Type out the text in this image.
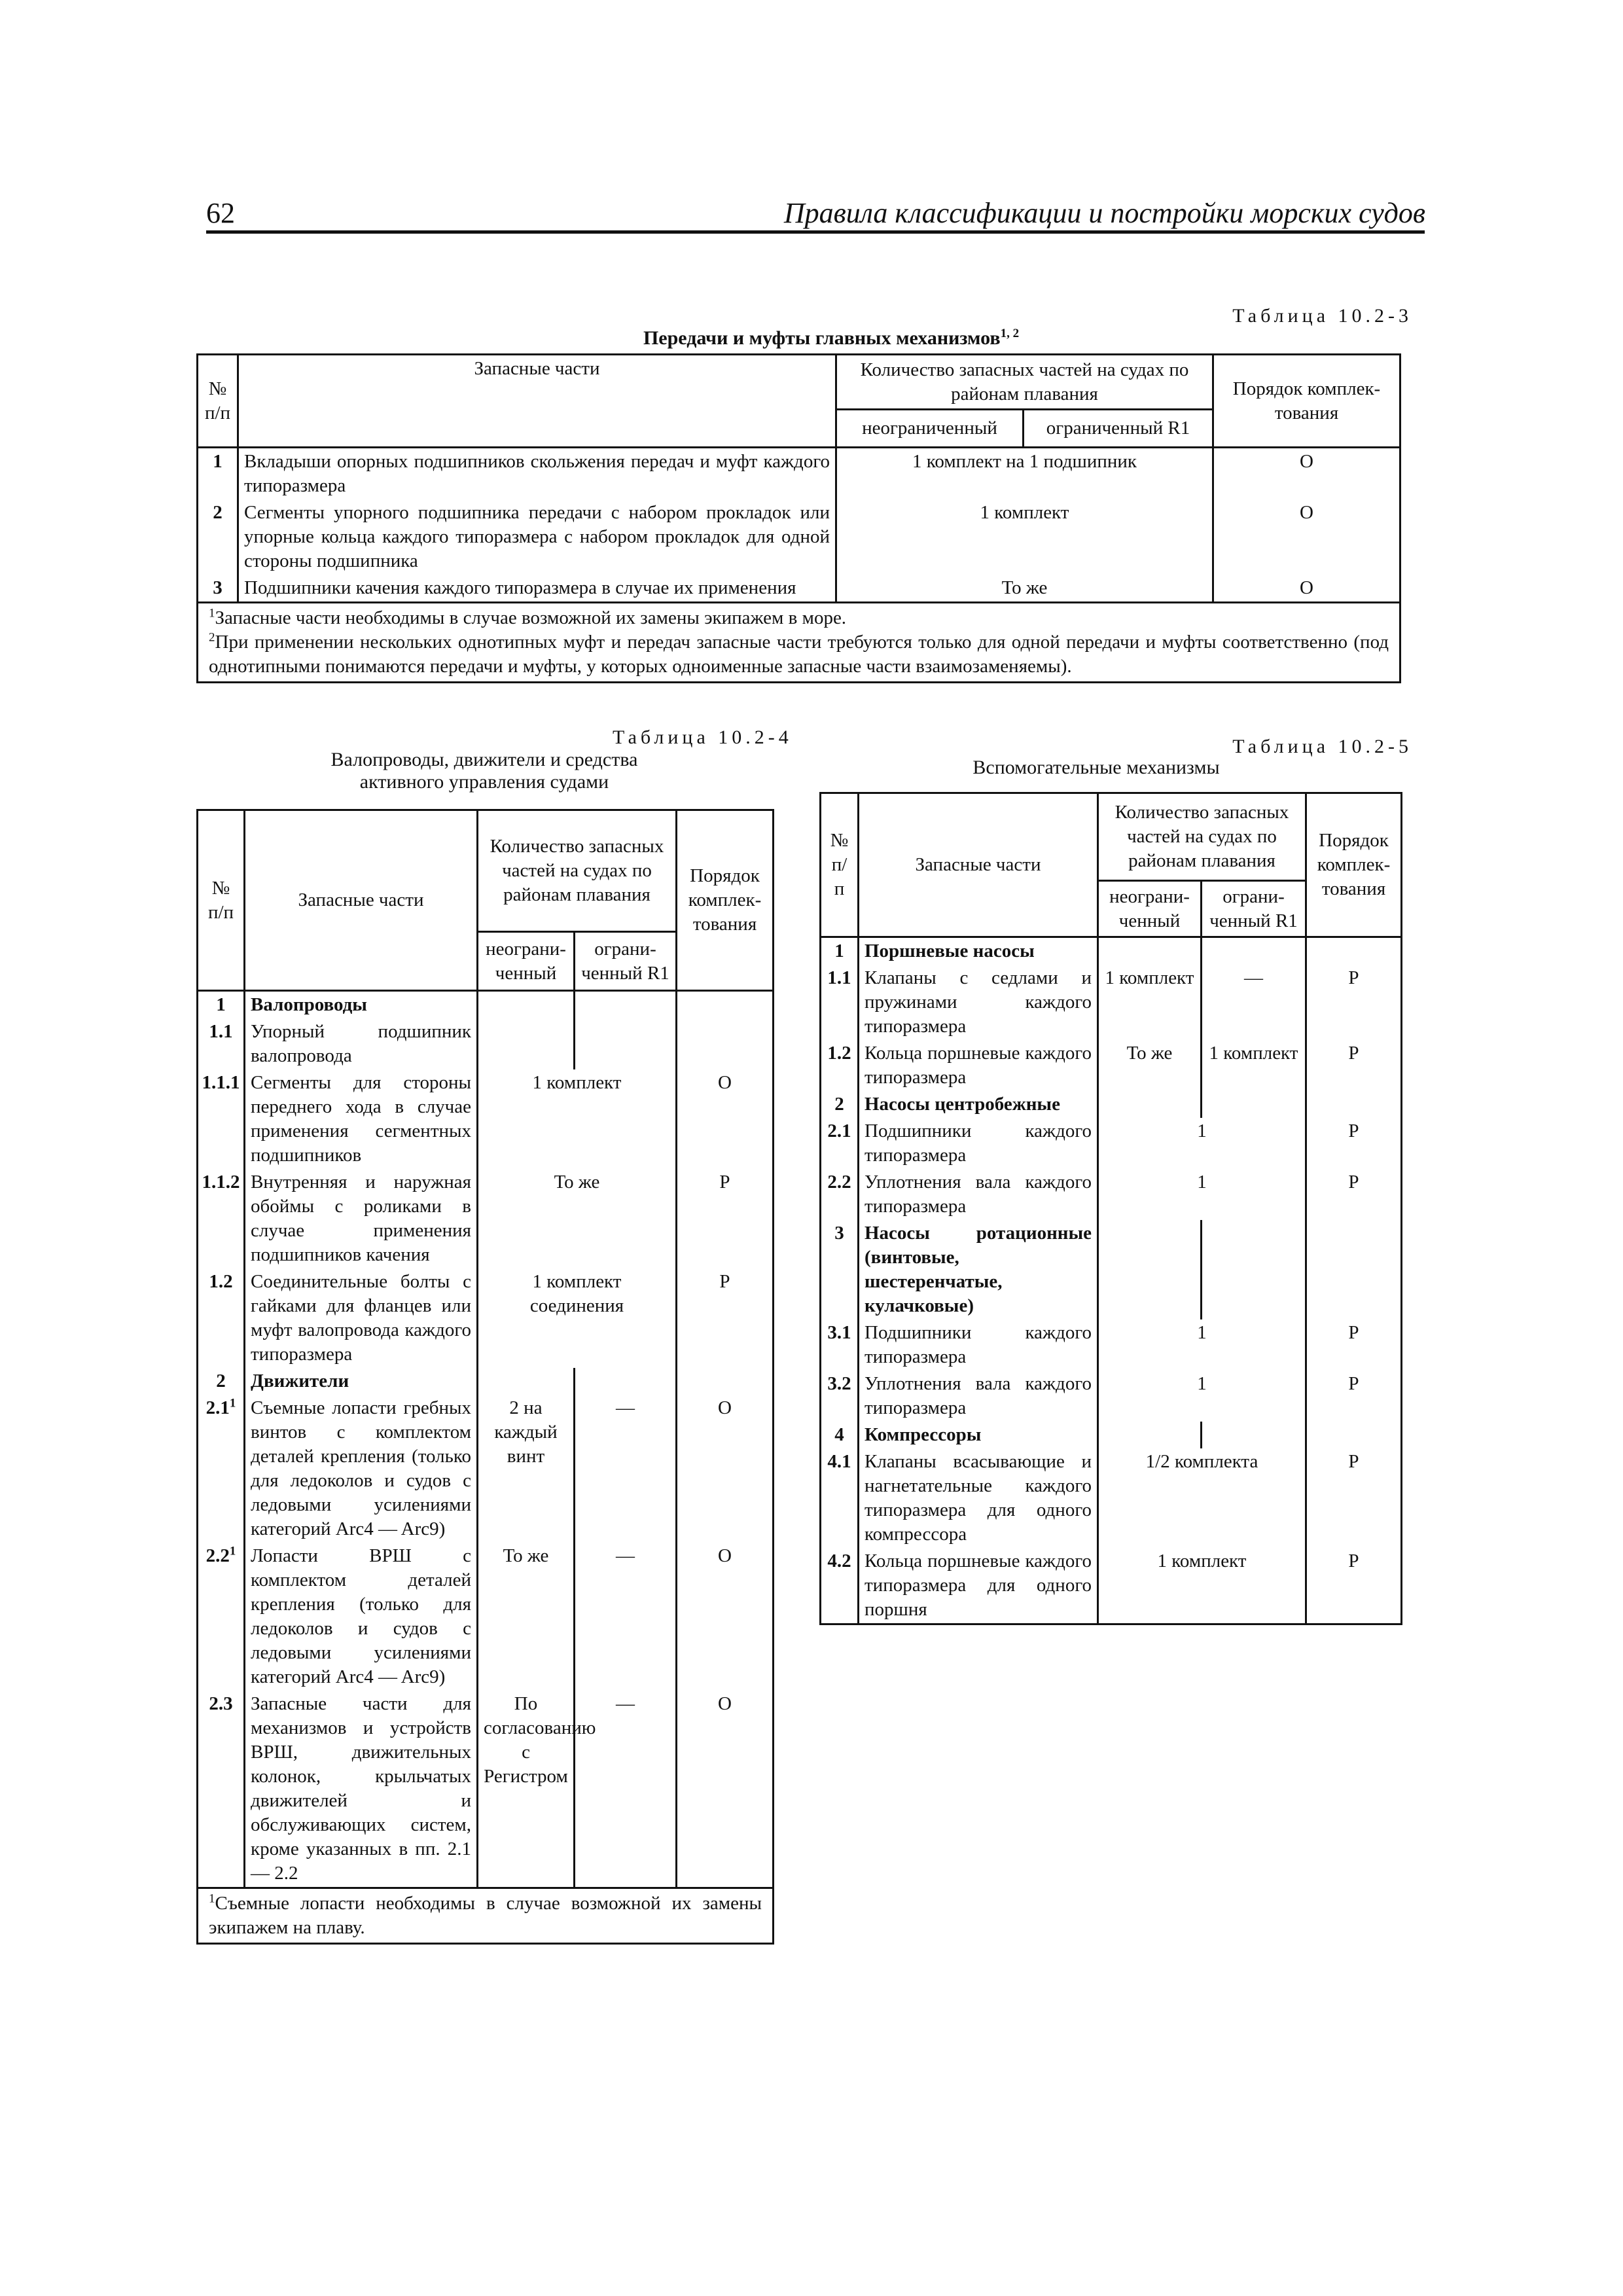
62	Правила классификации и постройки морских судов
Таблица 10.2-3
Передачи и муфты главных механизмов$^{1, 2}$
№ п/п	Запасные части	Количество запасных частей на судах по районам плавания		Порядок комплек-тования
		неограниченный	ограниченный R1	
1	Вкладыши опорных подшипников скольжения передач и муфт каждого типоразмера	1 комплект на 1 подшипник		О
2	Сегменты упорного подшипника передачи с набором прокладок или упорные кольца каждого типоразмера с набором прокладок для одной стороны подшипника	1 комплект		О
3	Подшипники качения каждого типоразмера в случае их применения	То же		О

$^1$Запасные части необходимы в случае возможной их замены экипажем в море.
$^2$При применении нескольких однотипных муфт и передач запасные части требуются только для одной передачи и муфты соответственно (под однотипными понимаются передачи и муфты, у которых одноименные запасные части взаимозаменяемы).				
Таблица 10.2-4
Валопроводы, движители и средства активного управления судами
№ п/п	Запасные части	Количество запасных частей на судах по районам плавания		Порядок комплек-тования
		неограни-ченный	ограни-ченный R1	
1	Валопроводы			
1.1	Упорный подшипник валопровода			
1.1.1	Сегменты для стороны переднего хода в случае применения сегментных подшипников	1 комплект		О
1.1.2	Внутренняя и наружная обоймы с роликами в случае применения подшипников качения	То же		Р
1.2	Соединительные болты с гайками для фланцев или муфт валопровода каждого типоразмера	1 комплект соединения		Р
2	Движители			
$2.1^1$	Съемные лопасти гребных винтов с комплектом деталей крепления (только для ледоколов и судов с ледовыми усилениями категорий Arc4 — Arc9)	2 на каждый винт	—	О
$2.2^1$	Лопасти ВРШ с комплектом деталей крепления (только для ледоколов и судов с ледовыми усилениями категорий Arc4 — Arc9)	То же	—	О
2.3	Запасные части для механизмов и устройств ВРШ, движительных колонок, крыльчатых движителей и обслуживающих систем, кроме указанных в пп. 2.1 — 2.2	По согласованию с Регистром	—	О
$^1$Съемные лопасти необходимы в случае возможной их замены экипажем на плаву.				
Таблица 10.2-5
Вспомогательные механизмы
№ п/п	Запасные части	Количество запасных частей на судах по районам плавания		Порядок комплек-тования
		неограни-ченный	ограни-ченный R1	
1	Поршневые насосы			
1.1	Клапаны с седлами и пружинами каждого типоразмера	1 комплект	—	Р
1.2	Кольца поршневые каждого типоразмера	То же	1 комплект	Р
2	Насосы центробежные			
2.1	Подшипники каждого типоразмера	1		Р
2.2	Уплотнения вала каждого типоразмера	1		Р
3	Насосы ротационные (винтовые, шестеренчатые, кулачковые)			
3.1	Подшипники каждого типоразмера	1		Р
3.2	Уплотнения вала каждого типоразмера	1		Р
4	Компрессоры			
4.1	Клапаны всасывающие и нагнетательные каждого типоразмера для одного компрессора	1/2 комплекта		Р
4.2	Кольца поршневые каждого типоразмера для одного поршня	1 комплект		Р
